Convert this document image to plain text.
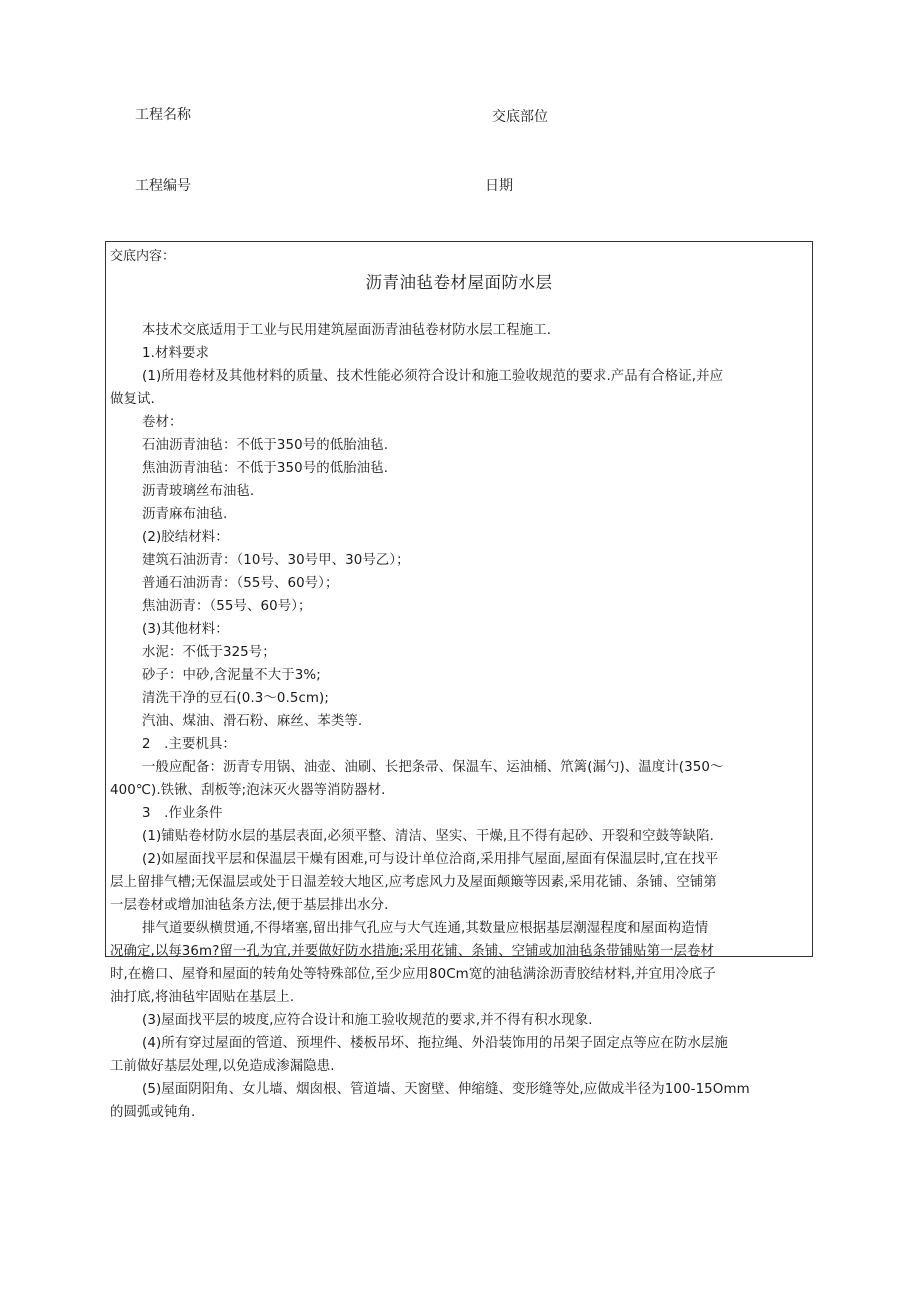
工程名称	交底部位
工程编号	日期
交底内容：
沥青油毡卷材屋面防水层
本技术交底适用于工业与民用建筑屋面沥青油毡卷材防水层工程施工.
1.材料要求
(1)所用卷材及其他材料的质量、技术性能必须符合设计和施工验收规范的要求.产品有合格证,并应
做复试.
卷材：
石油沥青油毡：不低于350号的低胎油毡.
焦油沥青油毡：不低于350号的低胎油毡.
沥青玻璃丝布油毡.
沥青麻布油毡.
(2)胶结材料：
建筑石油沥青：（10号、30号甲、30号乙）；
普通石油沥青：（55号、60号）；
焦油沥青：（55号、60号）；
(3)其他材料：
水泥：不低于325号；
砂子：中砂,含泥量不大于3%;
清洗干净的豆石(0.3～0.5cm);
汽油、煤油、滑石粉、麻丝、苯类等.
2　.主要机具：
一般应配备：沥青专用锅、油壶、油刷、长把条帚、保温车、运油桶、笊篱(漏勺)、温度计(350～
400℃).铁锹、刮板等;泡沫灭火器等消防器材.
3　.作业条件
(1)铺贴卷材防水层的基层表面,必须平整、清洁、坚实、干燥,且不得有起砂、开裂和空鼓等缺陷.
(2)如屋面找平层和保温层干燥有困难,可与设计单位洽商,采用排气屋面,屋面有保温层时,宜在找平
层上留排气槽;无保温层或处于日温差较大地区,应考虑风力及屋面颠簸等因素,采用花铺、条铺、空铺第
一层卷材或增加油毡条方法,便于基层排出水分.
排气道要纵横贯通,不得堵塞,留出排气孔应与大气连通,其数量应根据基层潮湿程度和屋面构造情
况确定,以每36m?留一孔为宜,并要做好防水措施;采用花铺、条铺、空铺或加油毡条带铺贴第一层卷材
时,在檐口、屋脊和屋面的转角处等特殊部位,至少应用80Cm宽的油毡满涂沥青胶结材料,并宜用冷底子
油打底,将油毡牢固贴在基层上.
(3)屋面找平层的坡度,应符合设计和施工验收规范的要求,并不得有积水现象.
(4)所有穿过屋面的管道、预埋件、楼板吊坏、拖拉绳、外沿装饰用的吊架子固定点等应在防水层施
工前做好基层处理,以免造成渗漏隐患.
(5)屋面阴阳角、女儿墙、烟囱根、管道墙、天窗壁、伸缩缝、变形缝等处,应做成半径为100-15Omm
的圆弧或钝角.
